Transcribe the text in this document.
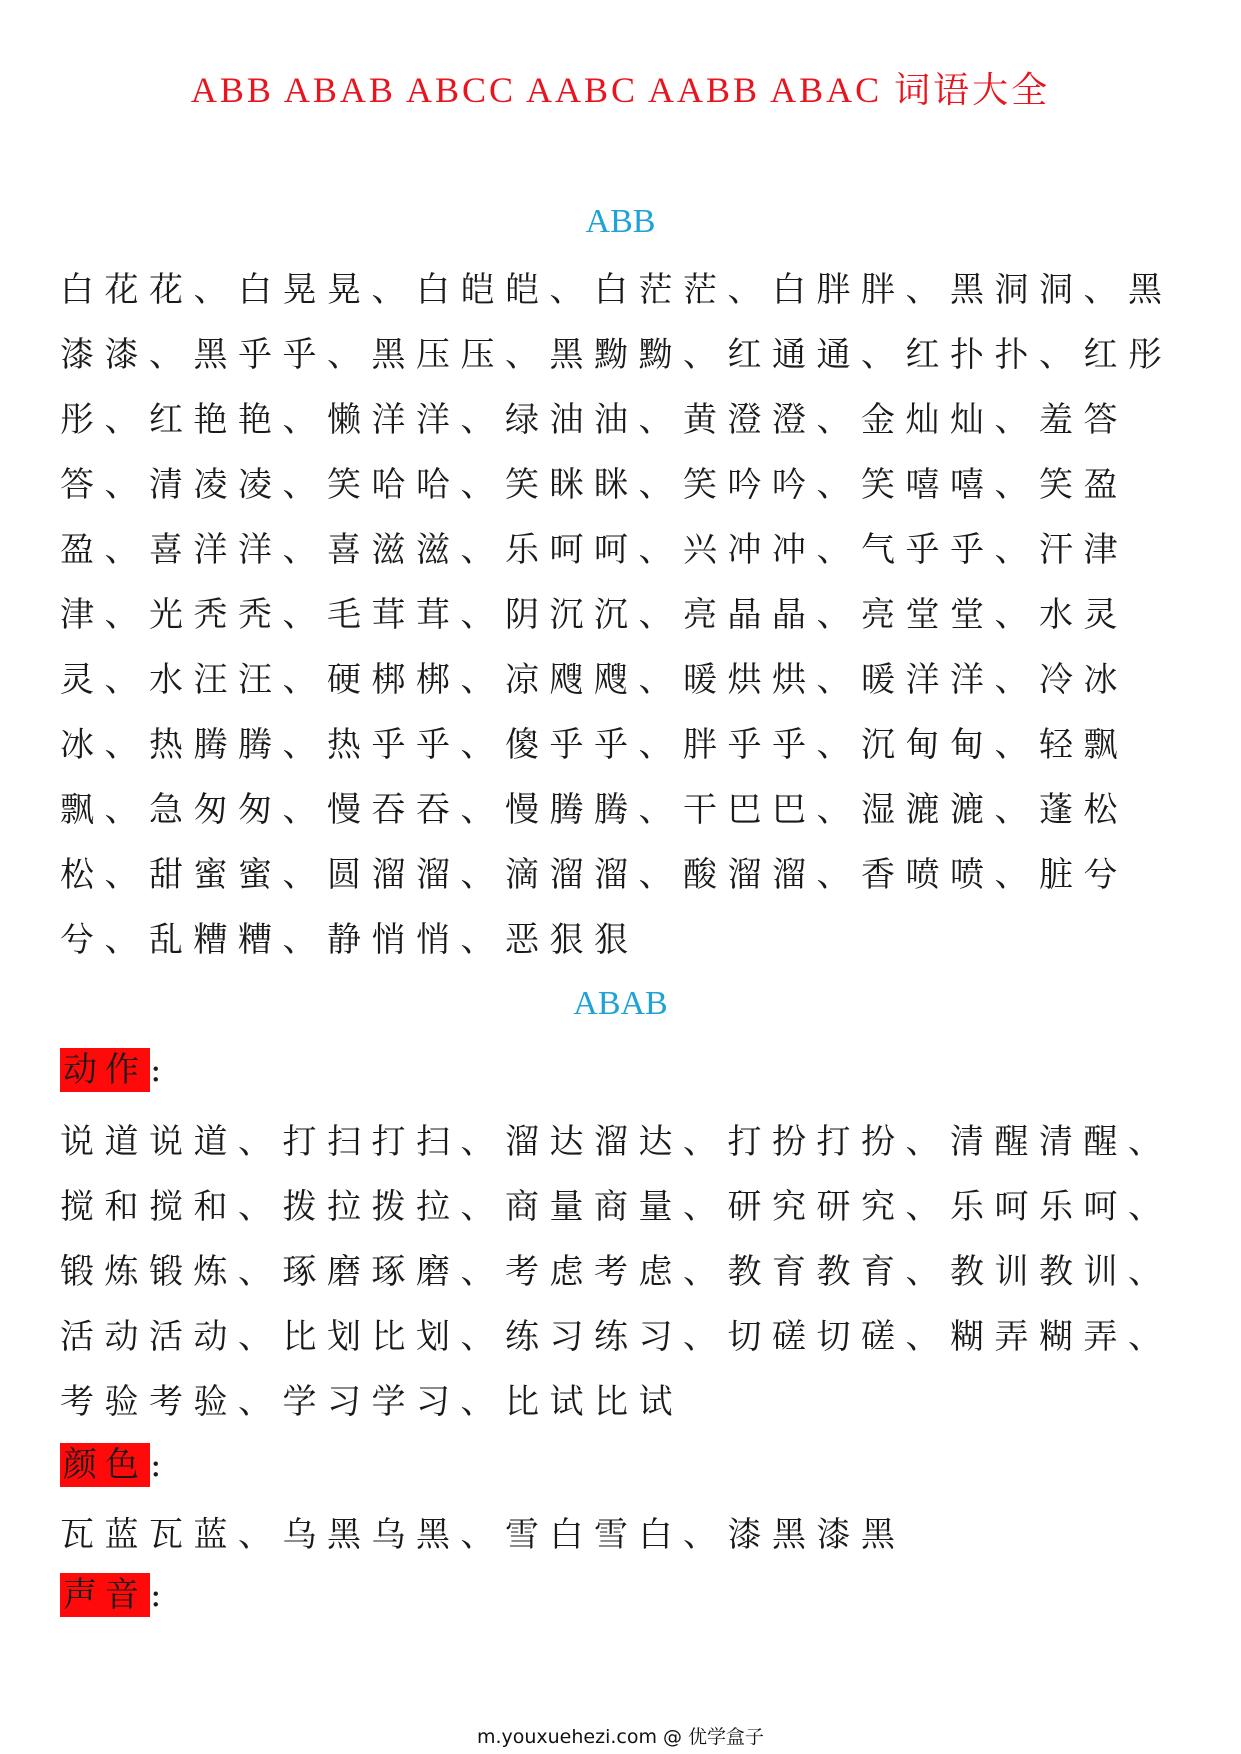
ABB ABAB ABCC AABC AABB ABAC 词语大全
ABB

白花花、白晃晃、白皑皑、白茫茫、白胖胖、黑洞洞、黑漆漆、黑乎乎、黑压压、黑黝黝、红通通、红扑扑、红彤彤、红艳艳、懒洋洋、绿油油、黄澄澄、金灿灿、羞答答、清凌凌、笑哈哈、笑眯眯、笑吟吟、笑嘻嘻、笑盈盈、喜洋洋、喜滋滋、乐呵呵、兴冲冲、气乎乎、汗津津、光秃秃、毛茸茸、阴沉沉、亮晶晶、亮堂堂、水灵灵、水汪汪、硬梆梆、凉飕飕、暖烘烘、暖洋洋、冷冰冰、热腾腾、热乎乎、傻乎乎、胖乎乎、沉甸甸、轻飘飘、急匆匆、慢吞吞、慢腾腾、干巴巴、湿漉漉、蓬松松、甜蜜蜜、圆溜溜、滴溜溜、酸溜溜、香喷喷、脏兮兮、乱糟糟、静悄悄、恶狠狠

ABAB
动作:

说道说道、打扫打扫、溜达溜达、打扮打扮、清醒清醒、搅和搅和、拨拉拨拉、商量商量、研究研究、乐呵乐呵、锻炼锻炼、琢磨琢磨、考虑考虑、教育教育、教训教训、活动活动、比划比划、练习练习、切磋切磋、糊弄糊弄、考验考验、学习学习、比试比试

颜色:

瓦蓝瓦蓝、乌黑乌黑、雪白雪白、漆黑漆黑

声音:
m.youxuehezi.com @ 优学盒子
